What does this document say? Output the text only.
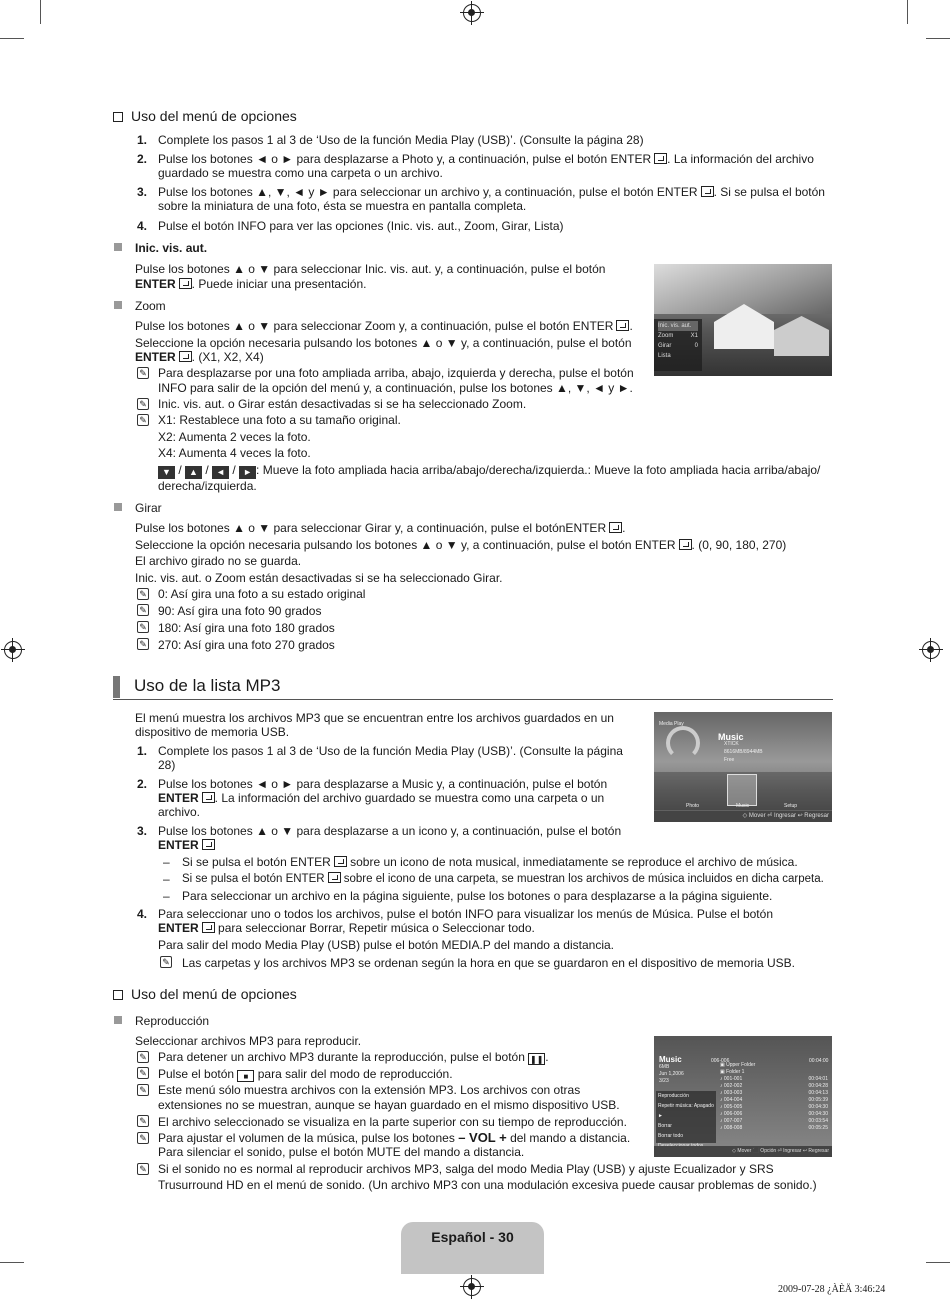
Uso del menú de opciones
1. Complete los pasos 1 al 3 de ‘Uso de la función Media Play (USB)’. (Consulte la página 28)
2. Pulse los botones ◄ o ► para desplazarse a Photo y, a continuación, pulse el botón ENTER . La información del archivo
guardado se muestra como una carpeta o un archivo.
3. Pulse los botones ▲, ▼, ◄ y ► para seleccionar un archivo y, a continuación, pulse el botón ENTER . Si se pulsa el botón
sobre la miniatura de una foto, ésta se muestra en pantalla completa.
4. Pulse el botón INFO para ver las opciones (Inic. vis. aut., Zoom, Girar, Lista)
Inic. vis. aut.
Pulse los botones ▲ o ▼ para seleccionar Inic. vis. aut. y, a continuación, pulse el botón
ENTER . Puede iniciar una presentación.
Inic. vis. aut.
Zoom	X1
Girar	0
Lista
Zoom
Pulse los botones ▲ o ▼ para seleccionar Zoom y, a continuación, pulse el botón ENTER .
Seleccione la opción necesaria pulsando los botones ▲ o ▼ y, a continuación, pulse el botón
ENTER . (X1, X2, X4)
✎ Para desplazarse por una foto ampliada arriba, abajo, izquierda y derecha, pulse el botón
INFO para salir de la opción del menú y, a continuación, pulse los botones ▲, ▼, ◄ y ►.
✎ Inic. vis. aut. o Girar están desactivadas si se ha seleccionado Zoom.
✎ X1: Restablece una foto a su tamaño original.
X2: Aumenta 2 veces la foto.
X4: Aumenta 4 veces la foto.
▼ / ▲ / ◄ / ► : Mueve la foto ampliada hacia arriba/abajo/derecha/izquierda.: Mueve la foto ampliada hacia arriba/abajo/
derecha/izquierda.
Girar
Pulse los botones ▲ o ▼ para seleccionar Girar y, a continuación, pulse el botónENTER .
Seleccione la opción necesaria pulsando los botones ▲ o ▼ y, a continuación, pulse el botón ENTER . (0, 90, 180, 270)
El archivo girado no se guarda.
Inic. vis. aut. o Zoom están desactivadas si se ha seleccionado Girar.
✎ 0: Así gira una foto a su estado original
✎ 90: Así gira una foto 90 grados
✎ 180: Así gira una foto 180 grados
✎ 270: Así gira una foto 270 grados
Uso de la lista MP3
El menú muestra los archivos MP3 que se encuentran entre los archivos guardados en un
dispositivo de memoria USB.
1. Complete los pasos 1 al 3 de ‘Uso de la función Media Play (USB)’. (Consulte la página
28)
2. Pulse los botones ◄ o ► para desplazarse a Music y, a continuación, pulse el botón
ENTER . La información del archivo guardado se muestra como una carpeta o un
archivo.
3. Pulse los botones ▲ o ▼ para desplazarse a un icono y, a continuación, pulse el botón
ENTER
– Si se pulsa el botón ENTER sobre un icono de nota musical, inmediatamente se reproduce el archivo de música.
– Si se pulsa el botón ENTER sobre el icono de una carpeta, se muestran los archivos de música incluidos en dicha carpeta.
– Para seleccionar un archivo en la página siguiente, pulse los botones o para desplazarse a la página siguiente.
4. Para seleccionar uno o todos los archivos, pulse el botón INFO para visualizar los menús de Música. Pulse el botón
ENTER para seleccionar Borrar, Repetir música o Seleccionar todo.
Para salir del modo Media Play (USB) pulse el botón MEDIA.P del mando a distancia.
✎ Las carpetas y los archivos MP3 se ordenan según la hora en que se guardaron en el dispositivo de memoria USB.
Media Play
Music
XTICK
8616MB/8944MB
Free
Photo	Music	Setup
◇ Mover ⏎ Ingresar ↩ Regresar
Uso del menú de opciones
Reproducción
Seleccionar archivos MP3 para reproducir.
✎ Para detener un archivo MP3 durante la reproducción, pulse el botón ❚❚ .
✎ Pulse el botón ■ para salir del modo de reproducción.
✎ Este menú sólo muestra archivos con la extensión MP3. Los archivos con otras
extensiones no se muestran, aunque se hayan guardado en el mismo dispositivo USB.
✎ El archivo seleccionado se visualiza en la parte superior con su tiempo de reproducción.
✎ Para ajustar el volumen de la música, pulse los botones – VOL + del mando a distancia.
Para silenciar el sonido, pulse el botón MUTE del mando a distancia.
✎ Si el sonido no es normal al reproducir archivos MP3, salga del modo Media Play (USB) y ajuste Ecualizador y SRS
Trusurround HD en el menú de sonido. (Un archivo MP3 con una modulación excesiva puede causar problemas de sonido.)
Music
6MB
Jun 1,2006
3/23
006-006	00:04:00
▣ Upper Folder
▣ Folder 1
♪ 001-001	00:04:01
♪ 002-002	00:04:28
♪ 003-003	00:04:13
♪ 004-004	00:05:39
♪ 005-005	00:04:30
♪ 006-006	00:04:30
♪ 007-007	00:03:54
♪ 008-008	00:05:25
Reproducción
Repetir música: Apagado ►
Borrar
Borrar todo
◇ Mover ⬛ Opción ⏎ Ingresar ↩ Regresar
Español - 30
2009-07-28 ¿ÀÈÄ 3:46:24
